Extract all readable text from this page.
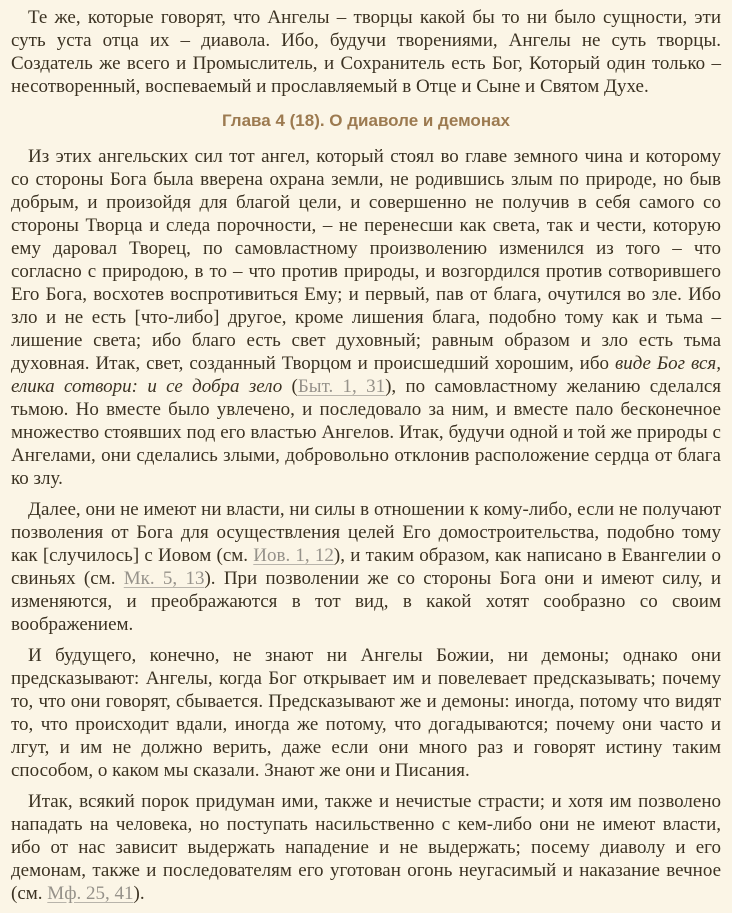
Те же, которые говорят, что Ангелы – творцы какой бы то ни было сущности, эти суть уста отца их – диавола. Ибо, будучи творениями, Ангелы не суть творцы. Создатель же всего и Промыслитель, и Сохранитель есть Бог, Который один только – несотворенный, воспеваемый и прославляемый в Отце и Сыне и Святом Духе.

Глава 4 (18). О диаволе и демонах

Из этих ангельских сил тот ангел, который стоял во главе земного чина и которому со стороны Бога была вверена охрана земли, не родившись злым по природе, но быв добрым, и произойдя для благой цели, и совершенно не получив в себя самого со стороны Творца и следа порочности, – не перенесши как света, так и чести, которую ему даровал Творец, по самовластному произволению изменился из того – что согласно с природою, в то – что против природы, и возгордился против сотворившего Его Бога, восхотев воспротивиться Ему; и первый, пав от блага, очутился во зле. Ибо зло и не есть [что-либо] другое, кроме лишения блага, подобно тому как и тьма – лишение света; ибо благо есть свет духовный; равным образом и зло есть тьма духовная. Итак, свет, созданный Творцом и происшедший хорошим, ибо виде Бог вся, елика сотвори: и се добра зело (Быт. 1, 31), по самовластному желанию сделался тьмою. Но вместе было увлечено, и последовало за ним, и вместе пало бесконечное множество стоявших под его властью Ангелов. Итак, будучи одной и той же природы с Ангелами, они сделались злыми, добровольно отклонив расположение сердца от блага ко злу.

Далее, они не имеют ни власти, ни силы в отношении к кому-либо, если не получают позволения от Бога для осуществления целей Его домостроительства, подобно тому как [случилось] с Иовом (см. Иов. 1, 12), и таким образом, как написано в Евангелии о свиньях (см. Мк. 5, 13). При позволении же со стороны Бога они и имеют силу, и изменяются, и преображаются в тот вид, в какой хотят сообразно со своим воображением.

И будущего, конечно, не знают ни Ангелы Божии, ни демоны; однако они предсказывают: Ангелы, когда Бог открывает им и повелевает предсказывать; почему то, что они говорят, сбывается. Предсказывают же и демоны: иногда, потому что видят то, что происходит вдали, иногда же потому, что догадываются; почему они часто и лгут, и им не должно верить, даже если они много раз и говорят истину таким способом, о каком мы сказали. Знают же они и Писания.

Итак, всякий порок придуман ими, также и нечистые страсти; и хотя им позволено нападать на человека, но поступать насильственно с кем-либо они не имеют власти, ибо от нас зависит выдержать нападение и не выдержать; посему диаволу и его демонам, также и последователям его уготован огонь неугасимый и наказание вечное (см. Мф. 25, 41).
